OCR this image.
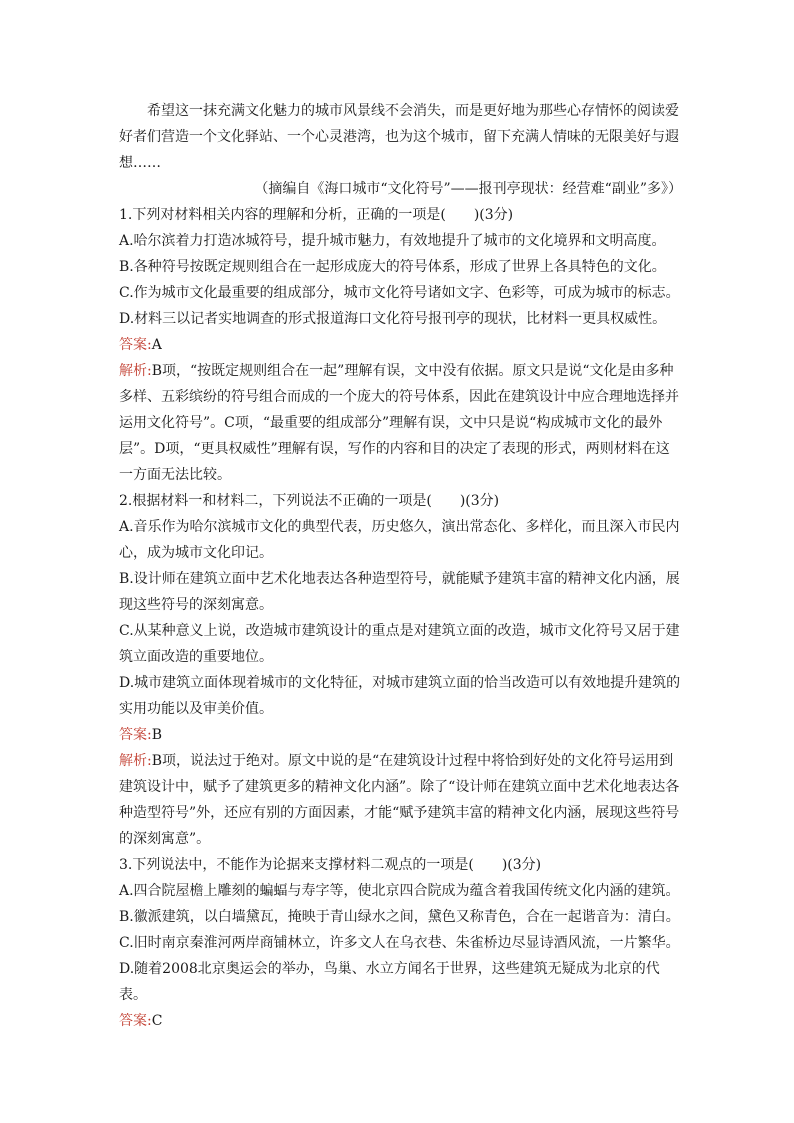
希望这一抹充满文化魅力的城市风景线不会消失，而是更好地为那些心存情怀的阅读爱好者们营造一个文化驿站、一个心灵港湾，也为这个城市，留下充满人情味的无限美好与遐想……

（摘编自《海口城市“文化符号”——报刊亭现状：经营难“副业”多》）

1.下列对材料相关内容的理解和分析，正确的一项是(　　)(3分)

A.哈尔滨着力打造冰城符号，提升城市魅力，有效地提升了城市的文化境界和文明高度。

B.各种符号按既定规则组合在一起形成庞大的符号体系，形成了世界上各具特色的文化。

C.作为城市文化最重要的组成部分，城市文化符号诸如文字、色彩等，可成为城市的标志。

D.材料三以记者实地调查的形式报道海口文化符号报刊亭的现状，比材料一更具权威性。

答案:A

解析:B项，“按既定规则组合在一起”理解有误，文中没有依据。原文只是说“文化是由多种多样、五彩缤纷的符号组合而成的一个庞大的符号体系，因此在建筑设计中应合理地选择并运用文化符号”。C项，“最重要的组成部分”理解有误，文中只是说“构成城市文化的最外层”。D项，“更具权威性”理解有误，写作的内容和目的决定了表现的形式，两则材料在这一方面无法比较。

2.根据材料一和材料二，下列说法不正确的一项是(　　)(3分)

A.音乐作为哈尔滨城市文化的典型代表，历史悠久，演出常态化、多样化，而且深入市民内心，成为城市文化印记。

B.设计师在建筑立面中艺术化地表达各种造型符号，就能赋予建筑丰富的精神文化内涵，展现这些符号的深刻寓意。

C.从某种意义上说，改造城市建筑设计的重点是对建筑立面的改造，城市文化符号又居于建筑立面改造的重要地位。

D.城市建筑立面体现着城市的文化特征，对城市建筑立面的恰当改造可以有效地提升建筑的实用功能以及审美价值。

答案:B

解析:B项，说法过于绝对。原文中说的是“在建筑设计过程中将恰到好处的文化符号运用到建筑设计中，赋予了建筑更多的精神文化内涵”。除了“设计师在建筑立面中艺术化地表达各种造型符号”外，还应有别的方面因素，才能“赋予建筑丰富的精神文化内涵，展现这些符号的深刻寓意”。

3.下列说法中，不能作为论据来支撑材料二观点的一项是(　　)(3分)

A.四合院屋檐上雕刻的蝙蝠与寿字等，使北京四合院成为蕴含着我国传统文化内涵的建筑。

B.徽派建筑，以白墙黛瓦，掩映于青山绿水之间，黛色又称青色，合在一起谐音为：清白。

C.旧时南京秦淮河两岸商铺林立，许多文人在乌衣巷、朱雀桥边尽显诗酒风流，一片繁华。

D.随着2008北京奥运会的举办，鸟巢、水立方闻名于世界，这些建筑无疑成为北京的代表。

答案:C
